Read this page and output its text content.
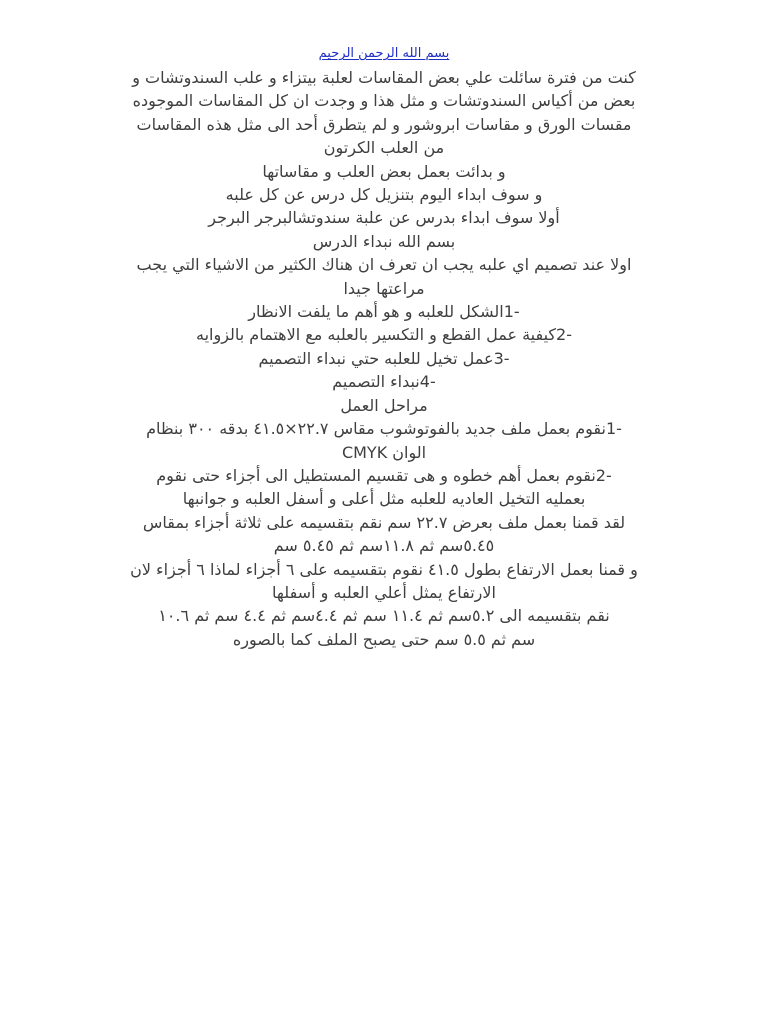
بسم الله الرحمن الرحيم
كنت من فترة سائلت علي بعض المقاسات لعلبة بيتزاء و علب السندوتشات و
بعض من أكياس السندوتشات و مثل هذا و وجدت ان كل المقاسات الموجوده
مقسات الورق و مقاسات ابروشور و لم يتطرق أحد الى مثل هذه المقاسات
من العلب الكرتون
و بدائت بعمل بعض العلب و مقاساتها
و سوف ابداء اليوم بتنزيل كل درس عن كل علبه
أولا سوف ابداء بدرس عن علبة سندوتشالبرجر البرجر
بسم الله نبداء الدرس
اولا عند تصميم اي علبه يجب ان تعرف ان هناك الكثير من الاشياء التي يجب
مراعتها جيدا
-1الشكل للعلبه و هو أهم ما يلفت الانظار
-2كيفية عمل القطع و التكسير بالعلبه مع الاهتمام بالزوايه
-3عمل تخيل للعلبه حتي نبداء التصميم
-4نبداء التصميم
مراحل العمل
-1نقوم بعمل ملف جديد بالفوتوشوب مقاس ٢٢.٧×٤١.٥ بدقه ٣٠٠ بنظام
الوان CMYK
-2نقوم بعمل أهم خطوه و هى تقسيم المستطيل الى أجزاء حتى نقوم
بعمليه التخيل العاديه للعلبه مثل أعلى و أسفل العلبه و جوانبها
لقد قمنا بعمل ملف بعرض ٢٢.٧ سم نقم بتقسيمه على ثلاثة أجزاء بمقاس
٥.٤٥سم ثم ١١.٨سم ثم ٥.٤٥ سم
و قمنا بعمل الارتفاع بطول ٤١.٥ نقوم بتقسيمه على ٦ أجزاء لماذا ٦ أجزاء لان
الارتفاع يمثل أعلي العلبه و أسفلها
نقم بتقسيمه الى ٥.٢سم ثم ١١.٤ سم ثم ٤.٤سم ثم ٤.٤ سم ثم ١٠.٦
سم ثم ٥.٥ سم حتى يصبح الملف كما بالصوره
